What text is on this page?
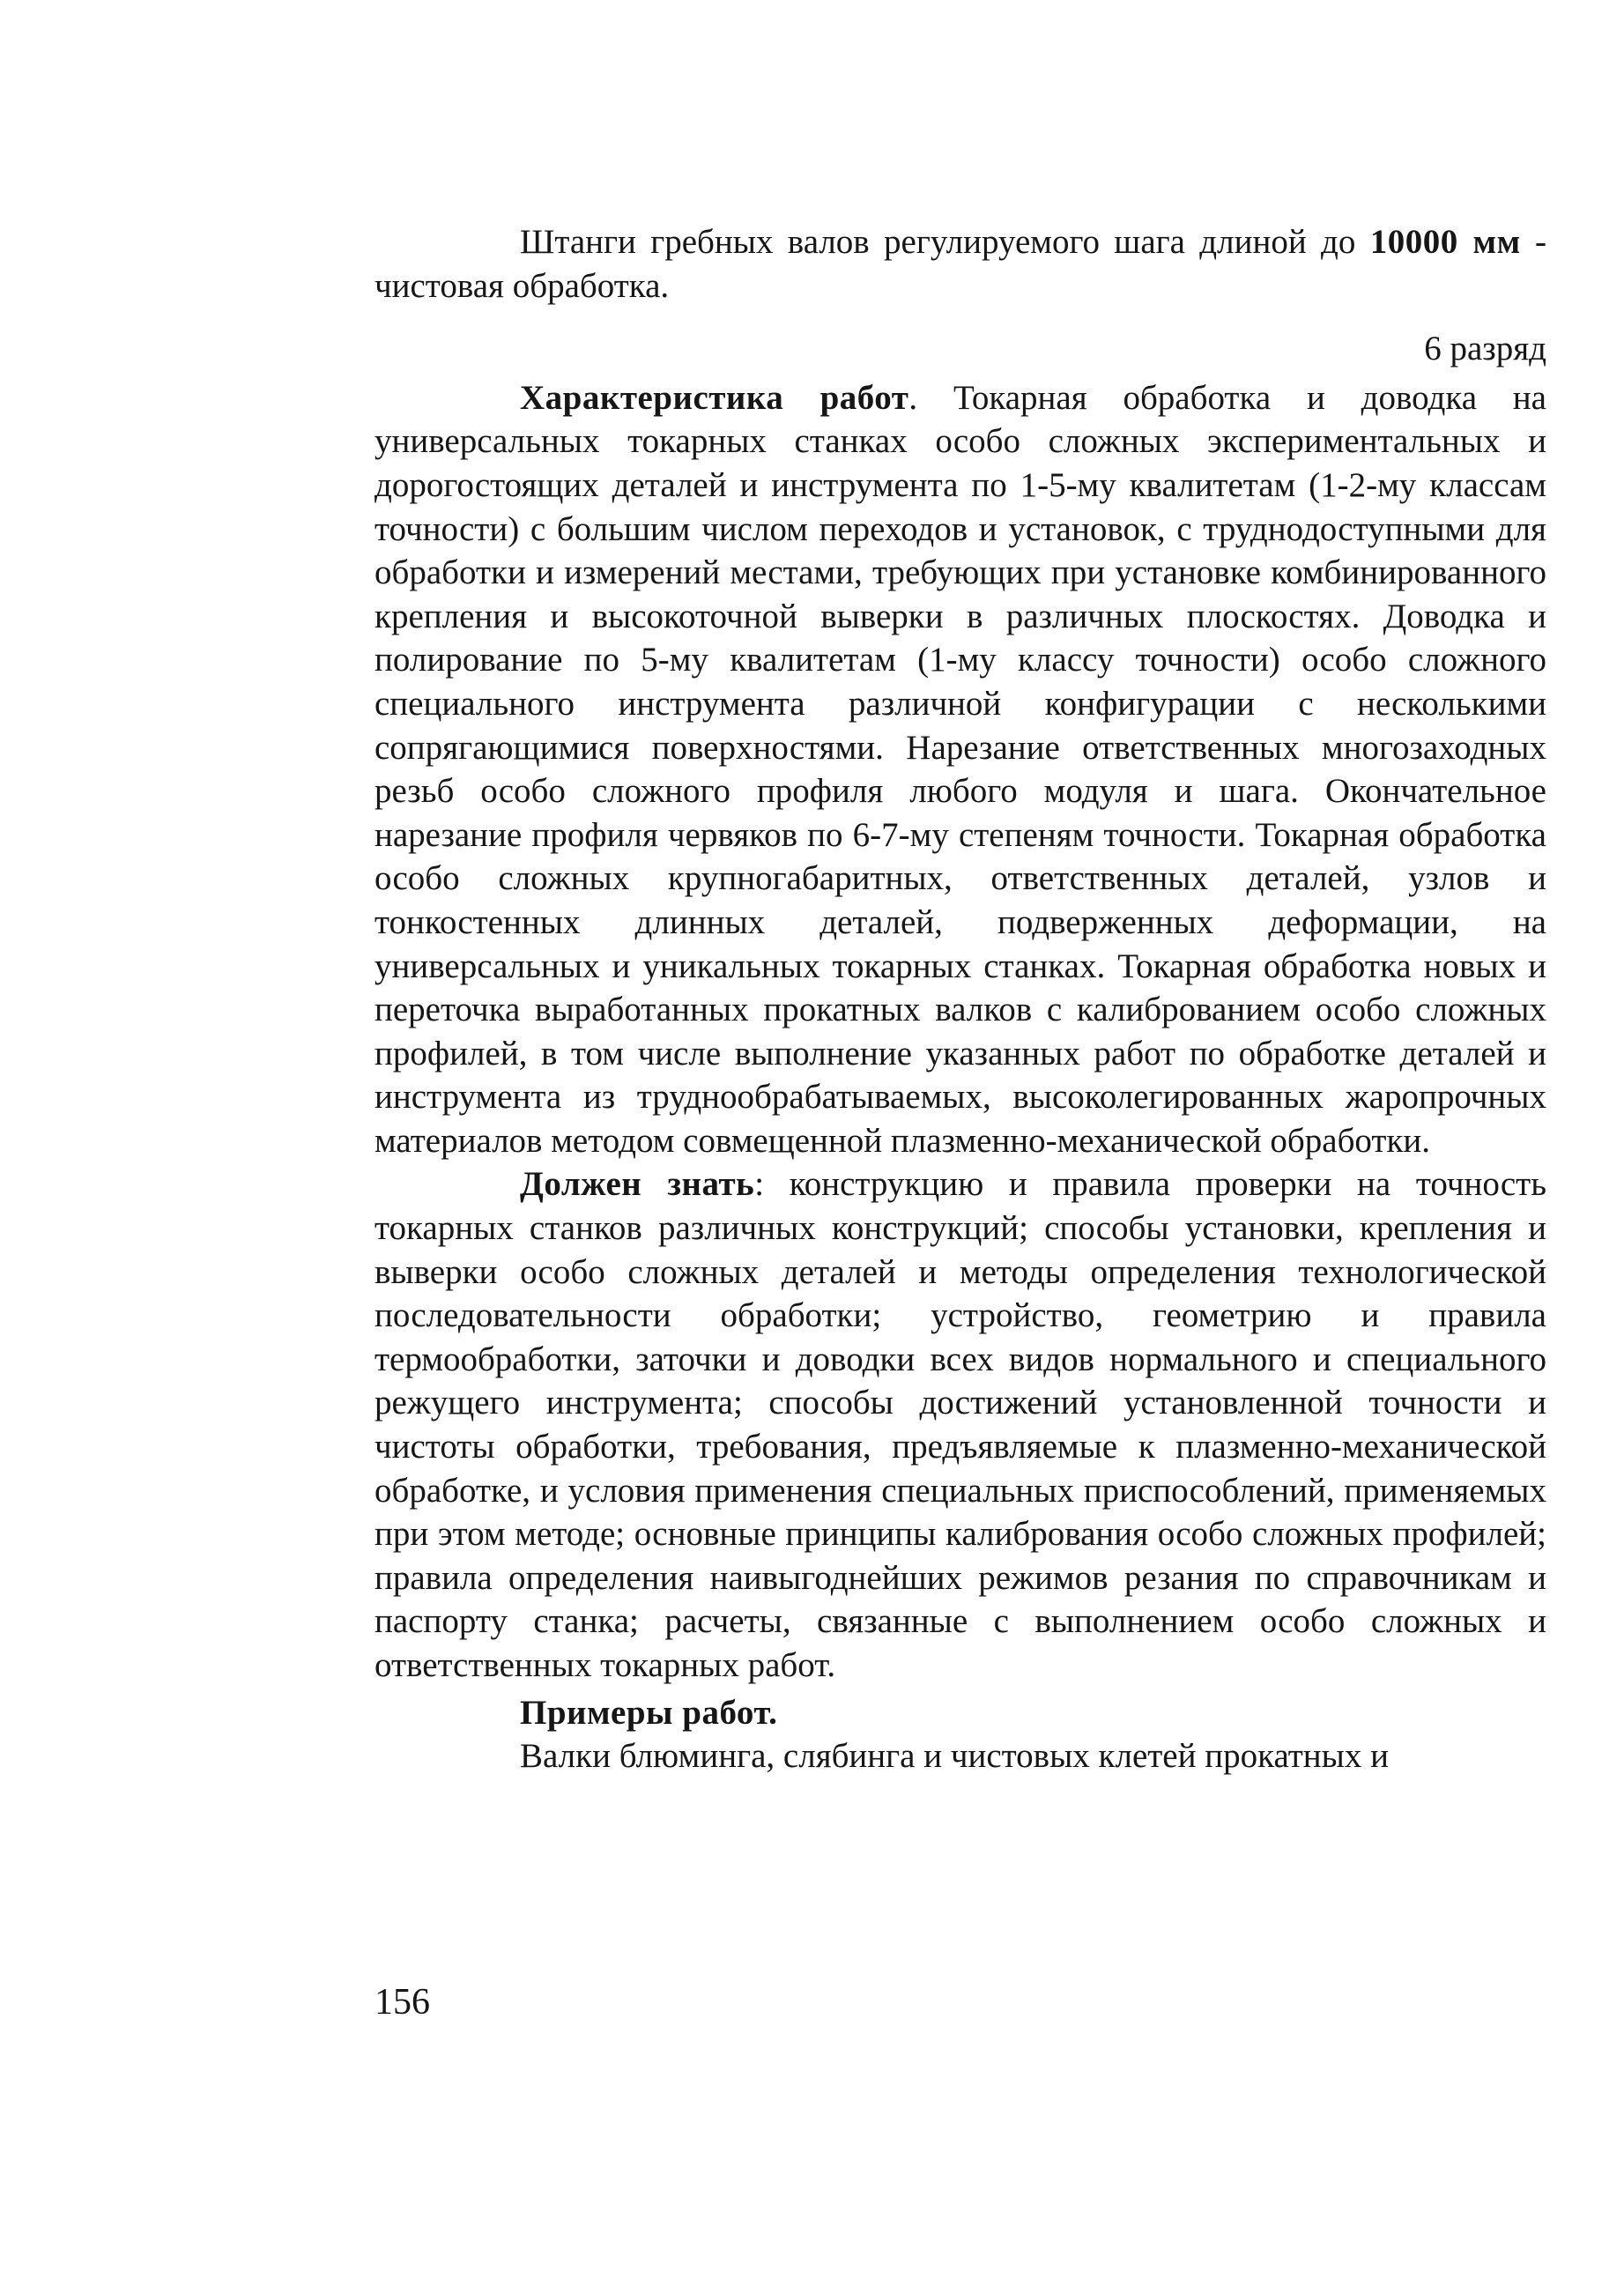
Штанги гребных валов регулируемого шага длиной до 10000 мм - чистовая обработка.

6 разряд

Характеристика работ. Токарная обработка и доводка на универсальных токарных станках особо сложных экспериментальных и дорогостоящих деталей и инструмента по 1-5-му квалитетам (1-2-му классам точности) с большим числом переходов и установок, с труднодоступными для обработки и измерений местами, требующих при установке комбинированного крепления и высокоточной выверки в различных плоскостях. Доводка и полирование по 5-му квалитетам (1-му классу точности) особо сложного специального инструмента различной конфигурации с несколькими сопрягающимися поверхностями. Нарезание ответственных многозаходных резьб особо сложного профиля любого модуля и шага. Окончательное нарезание профиля червяков по 6-7-му степеням точности. Токарная обработка особо сложных крупногабаритных, ответственных деталей, узлов и тонкостенных длинных деталей, подверженных деформации, на универсальных и уникальных токарных станках. Токарная обработка новых и переточка выработанных прокатных валков с калиброванием особо сложных профилей, в том числе выполнение указанных работ по обработке деталей и инструмента из труднообрабатываемых, высоколегированных жаропрочных материалов методом совмещенной плазменно-механической обработки.

Должен знать: конструкцию и правила проверки на точность токарных станков различных конструкций; способы установки, крепления и выверки особо сложных деталей и методы определения технологической последовательности обработки; устройство, геометрию и правила термообработки, заточки и доводки всех видов нормального и специального режущего инструмента; способы достижений установленной точности и чистоты обработки, требования, предъявляемые к плазменно-механической обработке, и условия применения специальных приспособлений, применяемых при этом методе; основные принципы калибрования особо сложных профилей; правила определения наивыгоднейших режимов резания по справочникам и паспорту станка; расчеты, связанные с выполнением особо сложных и ответственных токарных работ.

Примеры работ.

Валки блюминга, слябинга и чистовых клетей прокатных и

156
